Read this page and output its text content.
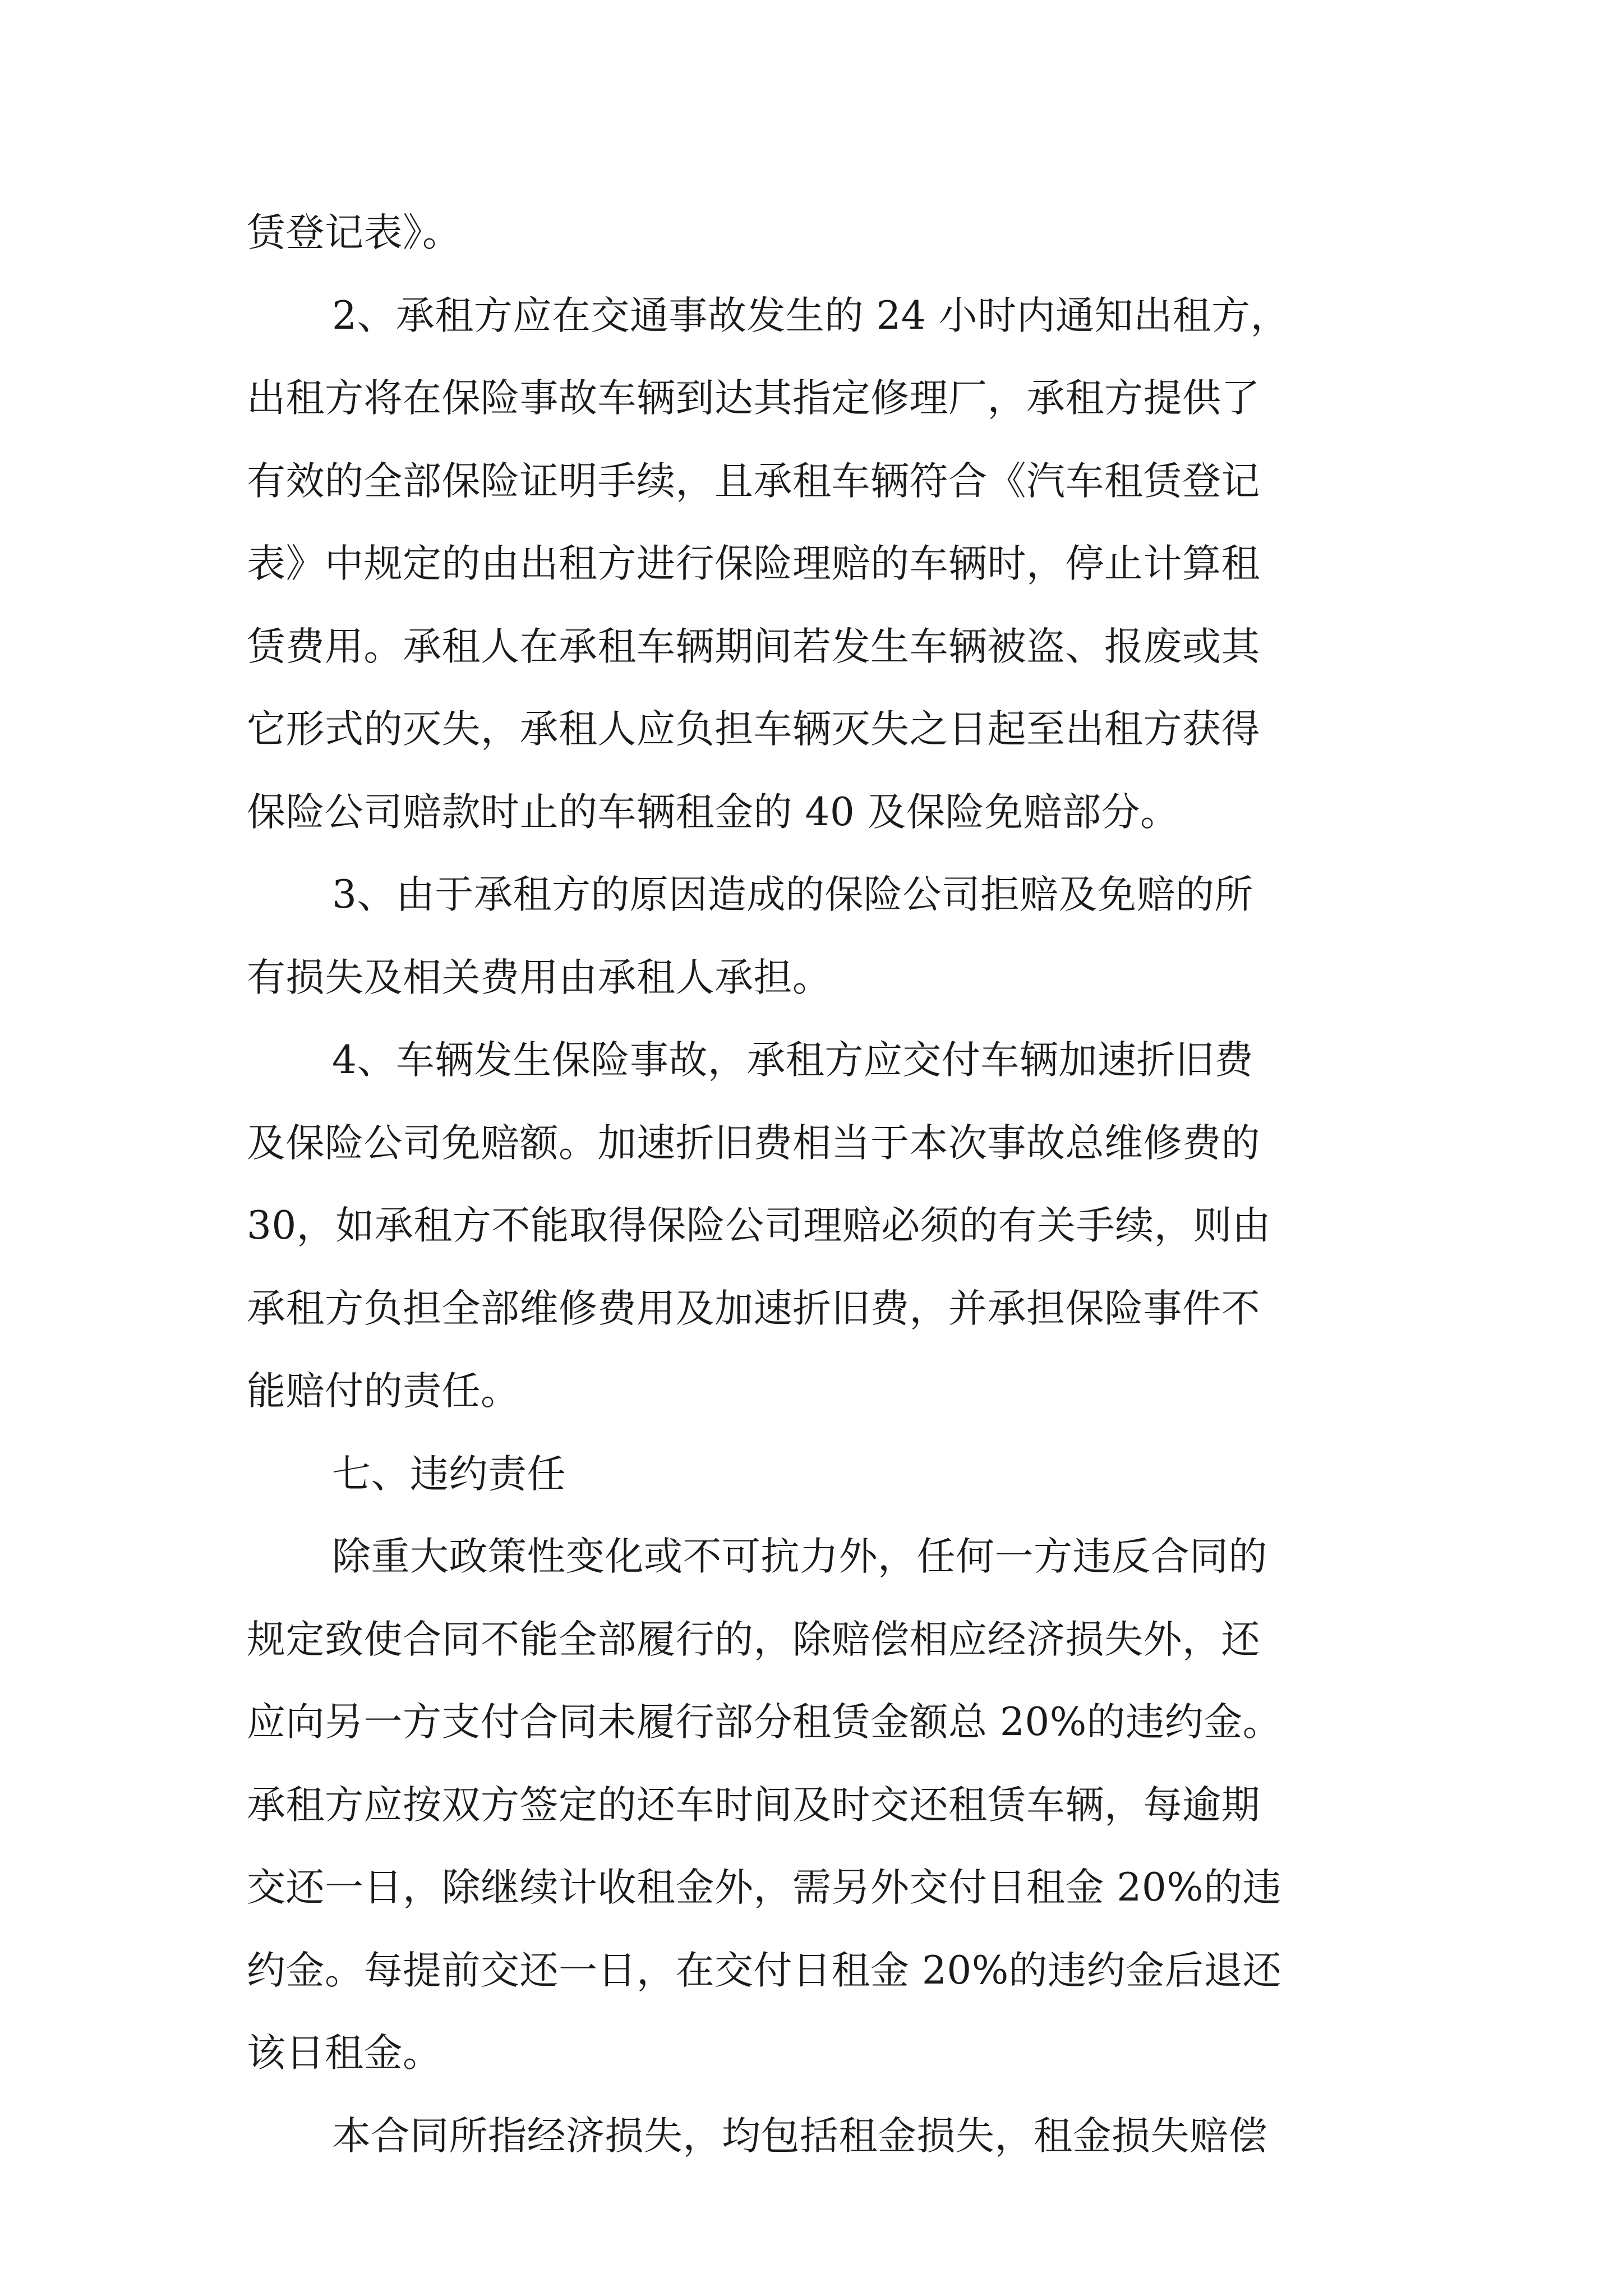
赁登记表》。
2、承租方应在交通事故发生的 24 小时内通知出租方，
出租方将在保险事故车辆到达其指定修理厂，承租方提供了
有效的全部保险证明手续，且承租车辆符合《汽车租赁登记
表》中规定的由出租方进行保险理赔的车辆时，停止计算租
赁费用。承租人在承租车辆期间若发生车辆被盗、报废或其
它形式的灭失，承租人应负担车辆灭失之日起至出租方获得
保险公司赔款时止的车辆租金的 40 及保险免赔部分。
3、由于承租方的原因造成的保险公司拒赔及免赔的所
有损失及相关费用由承租人承担。
4、车辆发生保险事故，承租方应交付车辆加速折旧费
及保险公司免赔额。加速折旧费相当于本次事故总维修费的
30，如承租方不能取得保险公司理赔必须的有关手续，则由
承租方负担全部维修费用及加速折旧费，并承担保险事件不
能赔付的责任。
七、违约责任
除重大政策性变化或不可抗力外，任何一方违反合同的
规定致使合同不能全部履行的，除赔偿相应经济损失外，还
应向另一方支付合同未履行部分租赁金额总 20%的违约金。
承租方应按双方签定的还车时间及时交还租赁车辆，每逾期
交还一日，除继续计收租金外，需另外交付日租金 20%的违
约金。每提前交还一日，在交付日租金 20%的违约金后退还
该日租金。
本合同所指经济损失，均包括租金损失，租金损失赔偿
